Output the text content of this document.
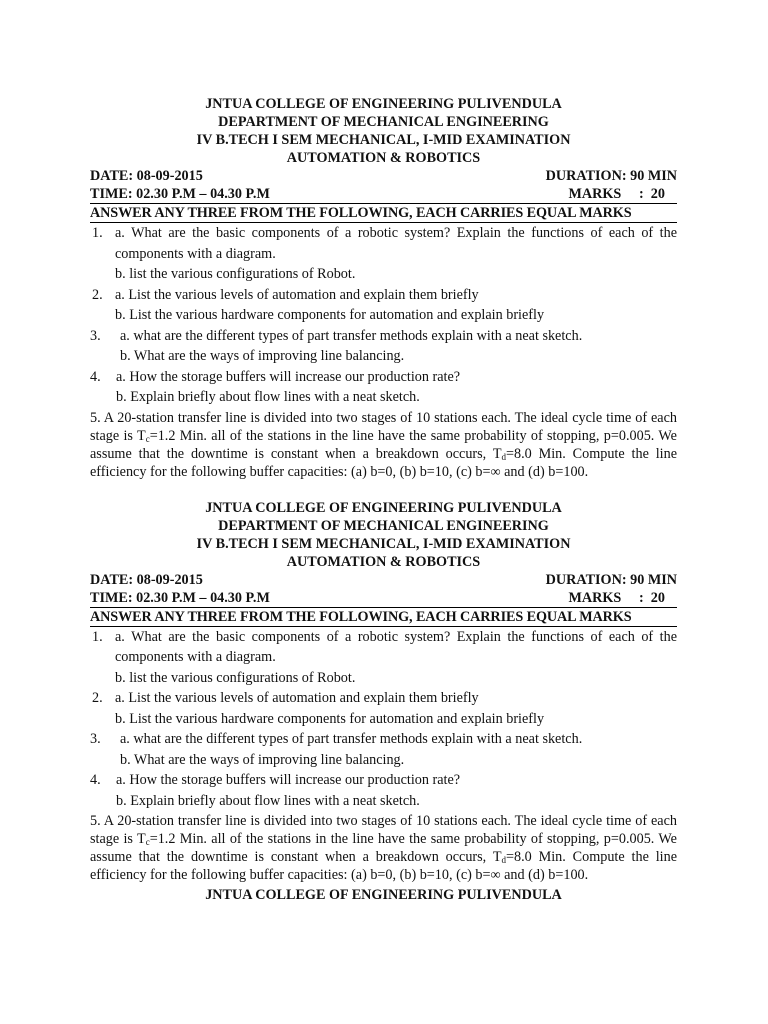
JNTUA COLLEGE OF ENGINEERING PULIVENDULA
DEPARTMENT OF MECHANICAL ENGINEERING
IV B.TECH I SEM MECHANICAL, I-MID EXAMINATION
AUTOMATION & ROBOTICS
DATE: 08-09-2015	DURATION: 90 MIN
TIME: 02.30 P.M – 04.30 P.M	MARKS     :  20
ANSWER ANY THREE FROM THE FOLLOWING, EACH CARRIES EQUAL MARKS
1. a. What are the basic components of a robotic system? Explain the functions of each of the components with a diagram.
b. list the various configurations of Robot.
2. a. List the various levels of automation and explain them briefly
b. List the various hardware components for automation and explain briefly
3.	a. what are the different types of part transfer methods explain with a neat sketch.
b. What are the ways of improving line balancing.
4.	a. How the storage buffers will increase our production rate?
b. Explain briefly about flow lines with a neat sketch.
5. A 20-station transfer line is divided into two stages of 10 stations each. The ideal cycle time of each stage is $T_c=1.2$ Min. all of the stations in the line have the same probability of stopping, p=0.005. We assume that the downtime is constant when a breakdown occurs, $T_d=8.0$ Min. Compute the line efficiency for the following buffer capacities: (a) b=0, (b) b=10, (c) b=∞ and (d) b=100.
JNTUA COLLEGE OF ENGINEERING PULIVENDULA
DEPARTMENT OF MECHANICAL ENGINEERING
IV B.TECH I SEM MECHANICAL, I-MID EXAMINATION
AUTOMATION & ROBOTICS
DATE: 08-09-2015	DURATION: 90 MIN
TIME: 02.30 P.M – 04.30 P.M	MARKS     :  20
ANSWER ANY THREE FROM THE FOLLOWING, EACH CARRIES EQUAL MARKS
1. a. What are the basic components of a robotic system? Explain the functions of each of the components with a diagram.
b. list the various configurations of Robot.
2. a. List the various levels of automation and explain them briefly
b. List the various hardware components for automation and explain briefly
3.	a. what are the different types of part transfer methods explain with a neat sketch.
b. What are the ways of improving line balancing.
4.	a. How the storage buffers will increase our production rate?
b. Explain briefly about flow lines with a neat sketch.
5. A 20-station transfer line is divided into two stages of 10 stations each. The ideal cycle time of each stage is $T_c=1.2$ Min. all of the stations in the line have the same probability of stopping, p=0.005. We assume that the downtime is constant when a breakdown occurs, $T_d=8.0$ Min. Compute the line efficiency for the following buffer capacities: (a) b=0, (b) b=10, (c) b=∞ and (d) b=100.
JNTUA COLLEGE OF ENGINEERING PULIVENDULA
